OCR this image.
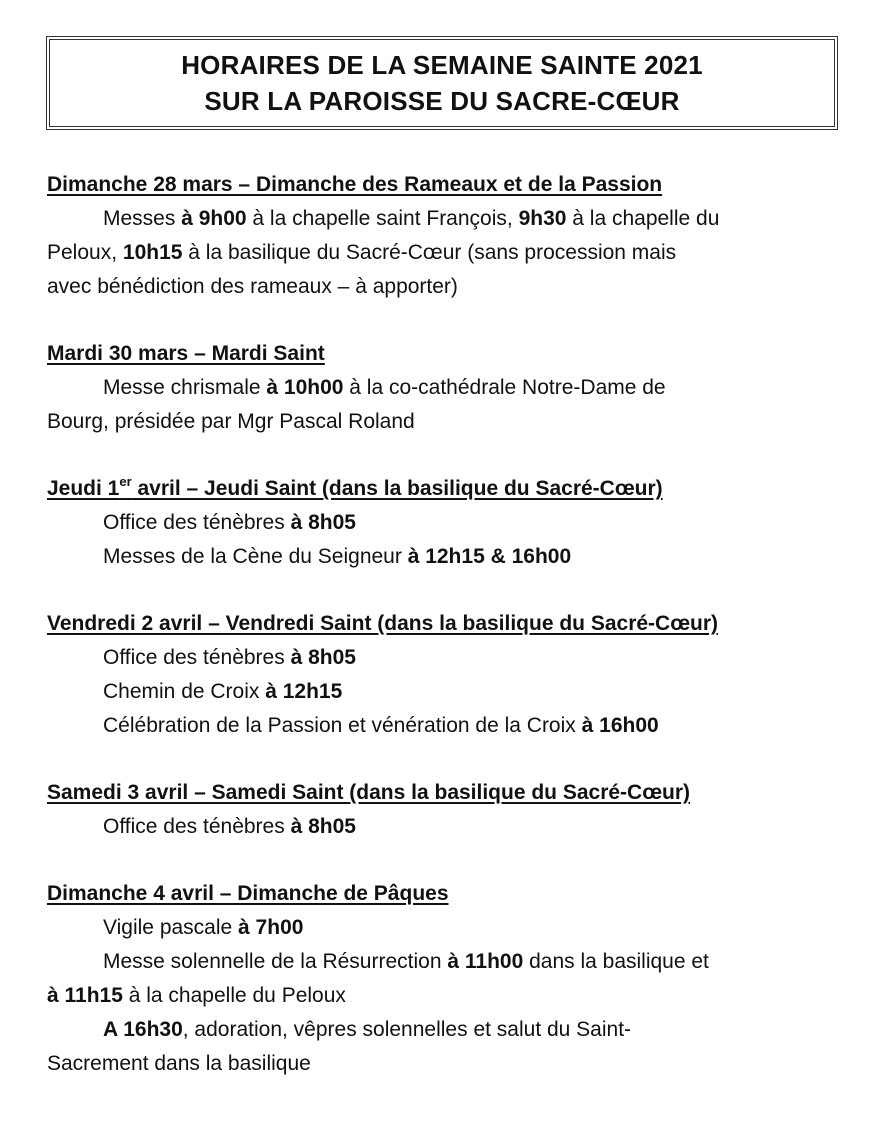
HORAIRES DE LA SEMAINE SAINTE 2021
SUR LA PAROISSE DU SACRE-CŒUR
Dimanche 28 mars – Dimanche des Rameaux et de la Passion
Messes à 9h00 à la chapelle saint François, 9h30 à la chapelle du
Peloux, 10h15 à la basilique du Sacré-Cœur (sans procession mais
avec bénédiction des rameaux – à apporter)
Mardi 30 mars – Mardi Saint
Messe chrismale à 10h00 à la co-cathédrale Notre-Dame de
Bourg, présidée par Mgr Pascal Roland
Jeudi 1er avril – Jeudi Saint (dans la basilique du Sacré-Cœur)
Office des ténèbres à 8h05
Messes de la Cène du Seigneur à 12h15 & 16h00
Vendredi 2 avril – Vendredi Saint (dans la basilique du Sacré-Cœur)
Office des ténèbres à 8h05
Chemin de Croix à 12h15
Célébration de la Passion et vénération de la Croix à 16h00
Samedi 3 avril – Samedi Saint (dans la basilique du Sacré-Cœur)
Office des ténèbres à 8h05
Dimanche 4 avril – Dimanche de Pâques
Vigile pascale à 7h00
Messe solennelle de la Résurrection à 11h00 dans la basilique et
à 11h15 à la chapelle du Peloux
A 16h30, adoration, vêpres solennelles et salut du Saint-
Sacrement dans la basilique
